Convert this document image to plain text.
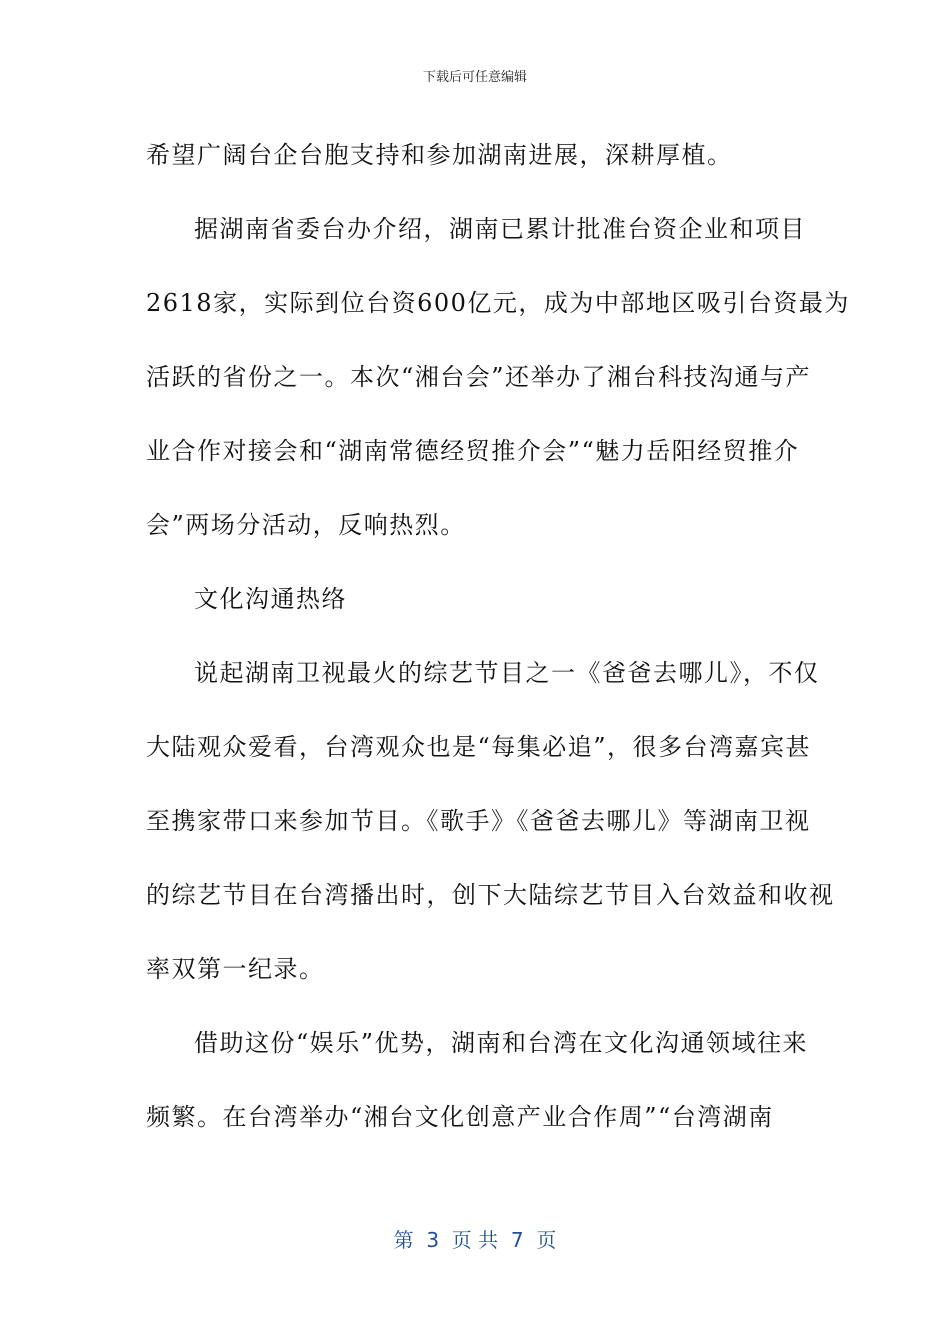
下载后可任意编辑
希望广阔台企台胞支持和参加湖南进展，深耕厚植。
据湖南省委台办介绍，湖南已累计批准台资企业和项目
2618家，实际到位台资600亿元，成为中部地区吸引台资最为
活跃的省份之一。本次“湘台会”还举办了湘台科技沟通与产
业合作对接会和“湖南常德经贸推介会”“魅力岳阳经贸推介
会”两场分活动，反响热烈。
文化沟通热络
说起湖南卫视最火的综艺节目之一《爸爸去哪儿》，不仅
大陆观众爱看，台湾观众也是“每集必追”，很多台湾嘉宾甚
至携家带口来参加节目。《歌手》《爸爸去哪儿》等湖南卫视
的综艺节目在台湾播出时，创下大陆综艺节目入台效益和收视
率双第一纪录。
借助这份“娱乐”优势，湖南和台湾在文化沟通领域往来
频繁。在台湾举办“湘台文化创意产业合作周”“台湾湖南
第  3  页 共  7  页
